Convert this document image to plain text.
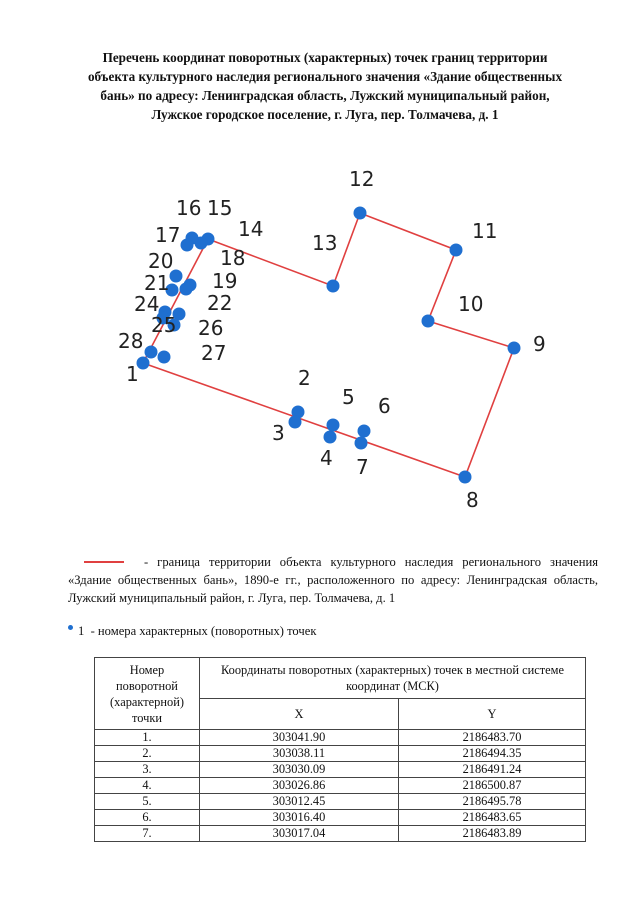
Перечень координат поворотных (характерных) точек границ территории
объекта культурного наследия регионального значения «Здание общественных
бань» по адресу: Ленинградская область, Лужский муниципальный район,
Лужское городское поселение, г. Луга, пер. Толмачева, д. 1
1	2
3
4
5 6
7
8
9
10
11
12
13
14
15
16
17
18
19
20
21
22
24
25 26
27
28
- граница территории объекта культурного наследия регионального значения «Здание общественных бань», 1890-е гг., расположенного по адресу: Ленинградская область, Лужский муниципальный район, г. Луга, пер. Толмачева, д. 1
1 - номера характерных (поворотных) точек
Номер поворотной (характерной) точки	Координаты поворотных (характерных) точек в местной системе координат (МСК)	
	X	Y
1.	303041.90	2186483.70
2.	303038.11	2186494.35
3.	303030.09	2186491.24
4.	303026.86	2186500.87
5.	303012.45	2186495.78
6.	303016.40	2186483.65
7.	303017.04	2186483.89
